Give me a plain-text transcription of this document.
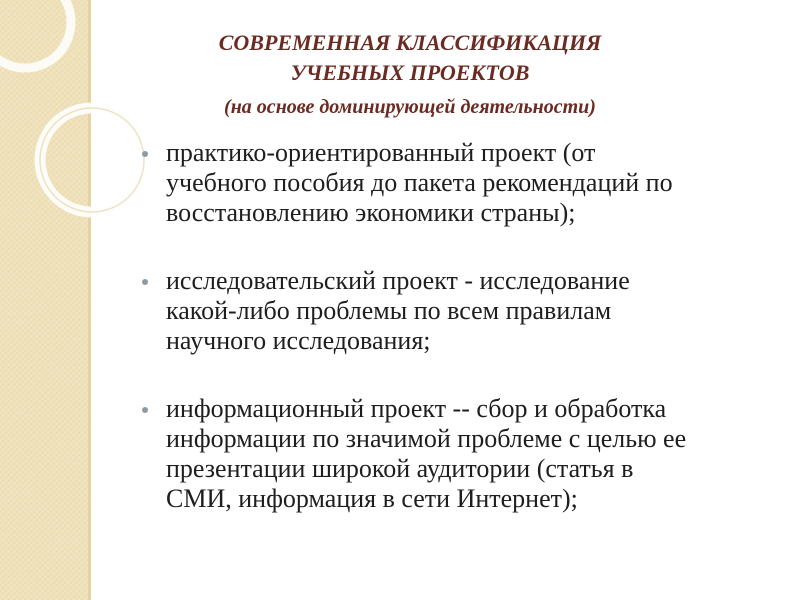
СОВРЕМЕННАЯ КЛАССИФИКАЦИЯ
УЧЕБНЫХ ПРОЕКТОВ
(на основе доминирующей деятельности)
практико-ориентированный проект (от
учебного пособия до пакета рекомендаций по
восстановлению экономики страны);
исследовательский проект - исследование
какой-либо проблемы по всем правилам
научного исследования;
информационный проект -- сбор и обработка
информации по значимой проблеме с целью ее
презентации широкой аудитории (статья в
СМИ, информация в сети Интернет);
